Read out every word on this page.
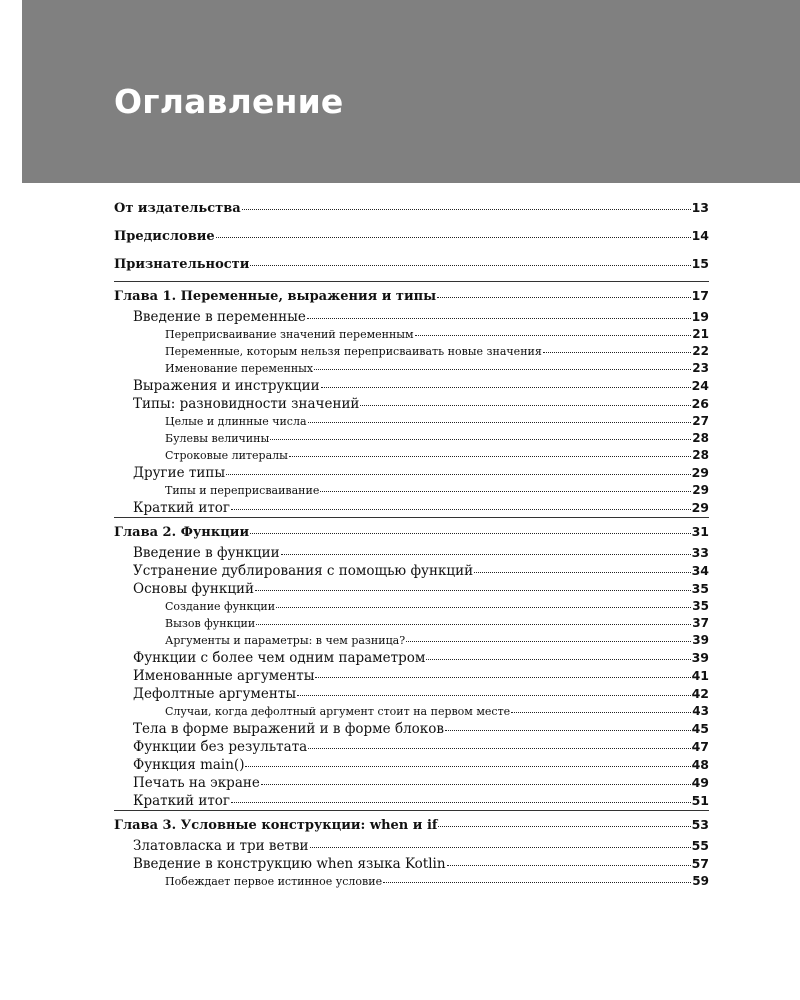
Оглавление
От издательства	13
Предисловие	14
Признательности	15
Глава 1. Переменные, выражения и типы	17
Введение в переменные	19
Переприсваивание значений переменным	21
Переменные, которым нельзя переприсваивать новые значения	22
Именование переменных	23
Выражения и инструкции	24
Типы: разновидности значений	26
Целые и длинные числа	27
Булевы величины	28
Строковые литералы	28
Другие типы	29
Типы и переприсваивание	29
Краткий итог	29
Глава 2. Функции	31
Введение в функции	33
Устранение дублирования с помощью функций	34
Основы функций	35
Создание функции	35
Вызов функции	37
Аргументы и параметры: в чем разница?	39
Функции с более чем одним параметром	39
Именованные аргументы	41
Дефолтные аргументы	42
Случаи, когда дефолтный аргумент стоит на первом месте	43
Тела в форме выражений и в форме блоков	45
Функции без результата	47
Функция main()	48
Печать на экране	49
Краткий итог	51
Глава 3. Условные конструкции: when и if	53
Златовласка и три ветви	55
Введение в конструкцию when языка Kotlin	57
Побеждает первое истинное условие	59
